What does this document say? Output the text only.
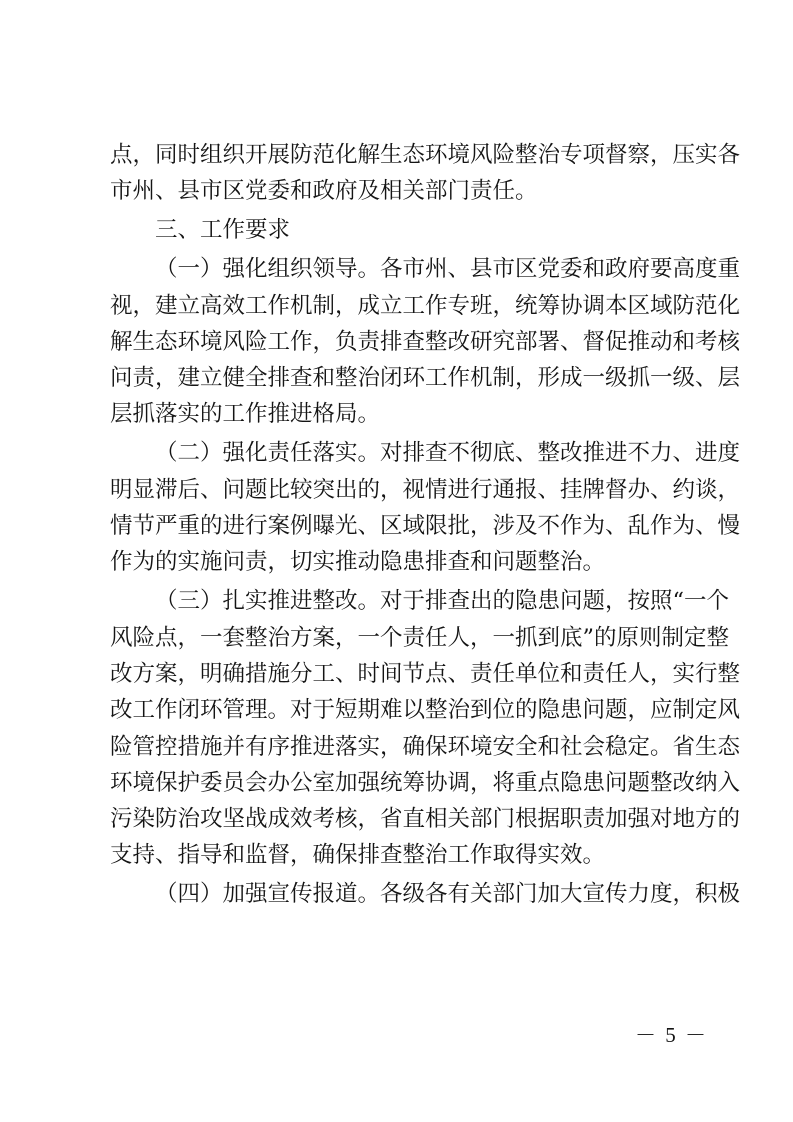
点，同时组织开展防范化解生态环境风险整治专项督察，压实各
市州、县市区党委和政府及相关部门责任。
三、工作要求
（一）强化组织领导。各市州、县市区党委和政府要高度重
视，建立高效工作机制，成立工作专班，统筹协调本区域防范化
解生态环境风险工作，负责排查整改研究部署、督促推动和考核
问责，建立健全排查和整治闭环工作机制，形成一级抓一级、层
层抓落实的工作推进格局。
（二）强化责任落实。对排查不彻底、整改推进不力、进度
明显滞后、问题比较突出的，视情进行通报、挂牌督办、约谈，
情节严重的进行案例曝光、区域限批，涉及不作为、乱作为、慢
作为的实施问责，切实推动隐患排查和问题整治。
（三）扎实推进整改。对于排查出的隐患问题，按照“一个
风险点，一套整治方案，一个责任人，一抓到底”的原则制定整
改方案，明确措施分工、时间节点、责任单位和责任人，实行整
改工作闭环管理。对于短期难以整治到位的隐患问题，应制定风
险管控措施并有序推进落实，确保环境安全和社会稳定。省生态
环境保护委员会办公室加强统筹协调，将重点隐患问题整改纳入
污染防治攻坚战成效考核，省直相关部门根据职责加强对地方的
支持、指导和监督，确保排查整治工作取得实效。
（四）加强宣传报道。各级各有关部门加大宣传力度，积极
－ 5 －
